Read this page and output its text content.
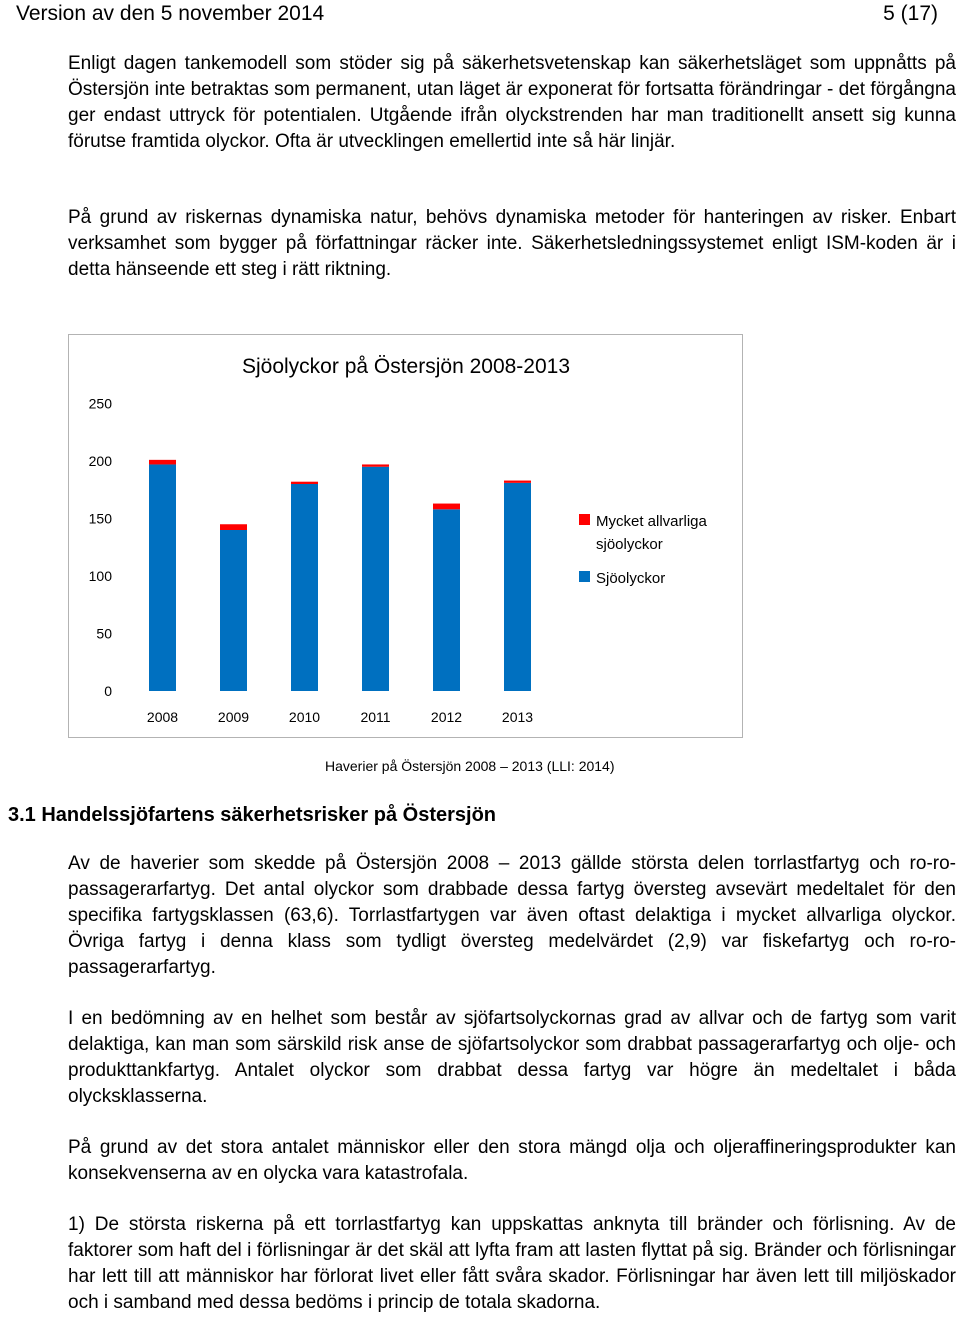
Version av den 5 november 2014	5 (17)

Enligt dagen tankemodell som stöder sig på säkerhetsvetenskap kan säkerhetsläget som uppnåtts på Östersjön inte betraktas som permanent, utan läget är exponerat för fortsatta förändringar - det förgångna ger endast uttryck för potentialen. Utgående ifrån olyckstrenden har man traditionellt ansett sig kunna förutse framtida olyckor. Ofta är utvecklingen emellertid inte så här linjär.

På grund av riskernas dynamiska natur, behövs dynamiska metoder för hanteringen av risker. Enbart verksamhet som bygger på författningar räcker inte. Säkerhetsledningssystemet enligt ISM-koden är i detta hänseende ett steg i rätt riktning.

Sjöolyckor på Östersjön 2008-2013
0
50
100
150
200
250
2008	2009	2010	2011	2012	2013
Mycket allvarliga
sjöolyckor
Sjöolyckor
Haverier på Östersjön 2008 – 2013 (LLI: 2014)
3.1 Handelssjöfartens säkerhetsrisker på Östersjön

Av de haverier som skedde på Östersjön 2008 – 2013 gällde största delen torrlastfartyg och ro-ro-passagerarfartyg. Det antal olyckor som drabbade dessa fartyg översteg avsevärt medeltalet för den specifika fartygsklassen (63,6). Torrlastfartygen var även oftast delaktiga i mycket allvarliga olyckor. Övriga fartyg i denna klass som tydligt översteg medelvärdet (2,9) var fiskefartyg och ro-ro-passagerarfartyg.

I en bedömning av en helhet som består av sjöfartsolyckornas grad av allvar och de fartyg som varit delaktiga, kan man som särskild risk anse de sjöfartsolyckor som drabbat passagerarfartyg och olje- och produkttankfartyg. Antalet olyckor som drabbat dessa fartyg var högre än medeltalet i båda olycksklasserna.

På grund av det stora antalet människor eller den stora mängd olja och oljeraffineringsprodukter kan konsekvenserna av en olycka vara katastrofala.

1) De största riskerna på ett torrlastfartyg kan uppskattas anknyta till bränder och förlisning. Av de faktorer som haft del i förlisningar är det skäl att lyfta fram att lasten flyttat på sig. Bränder och förlisningar har lett till att människor har förlorat livet eller fått svåra skador. Förlisningar har även lett till miljöskador och i samband med dessa bedöms i princip de totala skadorna.
